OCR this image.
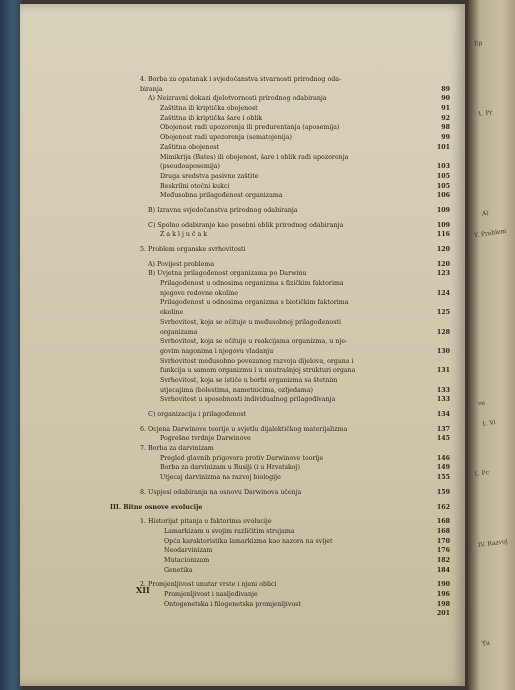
4. Borba za opstanak i svjedočanstva stvarnosti prirodnog oda-
biranja	89
A) Neizravni dokazi djelotvornosti prirodnog odabiranja	90
Zaštitna ili kriptička obojenost	91
Zaštitna ili kriptička šare i oblik	92
Obojenost radi upozorenja ili predurentanja (aposemija)	98
Obojenost radi upozorenja (sematojenija)	99
Zaštitna obojenost	101
Mimikrija (Bates) ili obojenost, šare i oblik radi upozorenja
(pseudoaposemija)	103
Druga sredstva pasivne zaštite	105
Beskrilni otočni kukci	105
Međusobna prilagođenost organizama	106
B) Izravna svjedočanstva prirodnog odabiranja	109
C) Spolno odabiranje kao posebni oblik prirodnog odabiranja	109
Z a k l j u č a k	116
5. Problem organske svrhovitosti	120
A) Povijest problema	120
B) Uvjetna prilagođenost organizama po Darwinu	123
Prilagođenost u odnosima organizma s fizičkim faktorima
njegove redovne okoline	124
Prilagođenost u odnosima organizma s biotičkim faktorima
okoline	125
Svrhovitost, koja se očituje u međusobnoj prilagođenosti
organizama	128
Svrhovitost, koja se očituje u reakcijama organizma, u nje-
govim nagonima i njegovu vladanju	130
Svrhovitost međusobno povezanog razvoja dijelova, organa i
funkcija u samom organizmu i u unutrašnjoj strukturi organa	131
Svrhovitost, koja se ističe u borbi organizma sa štetnim
utjecajima (bolestima, nametnicima, ozljedama)	133
Svrhovitost u sposobnosti individualnog prilagođivanja	133
C) organizacija i prilagođenost	134
6. Ocjena Darwinove teorije u svjetlu dijalektičkog materijalizma	137
Pogrešne tvrdnje Darwinove	145
7. Borba za darvinizam
Pregled glavnih prigovora protiv Darwinove teorije	146
Borba za darvinizam u Rusiji (i u Hrvatskoj)	149
Utjecaj darvinizma na razvoj biologije	155
8. Uspjesi odabiranja na osnovu Darwinova učenja	159
III. Bitne osnove evolucije	162
1. Historijat pitanja o faktorima evolucije	168
Lamarkizam u svojim različitim strujama	168
Opća karakteristika lamarkizma kao nazora na svijet	170
Neodarvinizam	176
Mutacionizam	182
Genetika	184
2. Promjenljivost unutar vrste i njeni oblici	190
Promjenljivost i nasljeđivanje	196
Ontogenetska i filogenetska promjenljivost	198
201
XII
Ep
1. Pr
A)
Y. Problem
ve
1. Vi
1. Pc
IV. Razvoj
Tu
